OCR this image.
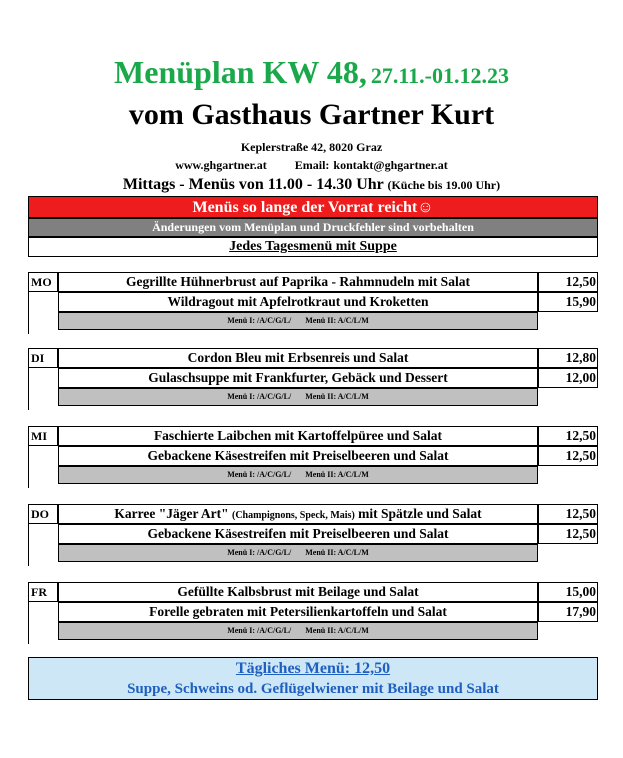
Menüplan KW 48, 27.11.-01.12.23
vom Gasthaus Gartner Kurt
Keplerstraße 42, 8020 Graz
www.ghgartner.at Email: kontakt@ghgartner.at
Mittags - Menüs von 11.00 - 14.30 Uhr (Küche bis 19.00 Uhr)
Menüs so lange der Vorrat reicht☺
Änderungen vom Menüplan und Druckfehler sind vorbehalten
Jedes Tagesmenü mit Suppe
MO	Gegrillte Hühnerbrust auf Paprika - Rahmnudeln mit Salat	12,50
Wildragout mit Apfelrotkraut und Kroketten	15,90
Menü I: /A/C/G/L/ Menü II: A/C/L/M
DI	Cordon Bleu mit Erbsenreis und Salat	12,80
Gulaschsuppe mit Frankfurter, Gebäck und Dessert	12,00
Menü I: /A/C/G/L/ Menü II: A/C/L/M
MI	Faschierte Laibchen mit Kartoffelpüree und Salat	12,50
Gebackene Käsestreifen mit Preiselbeeren und Salat	12,50
Menü I: /A/C/G/L/ Menü II: A/C/L/M
DO	Karree "Jäger Art" (Champignons, Speck, Mais) mit Spätzle und Salat	12,50
Gebackene Käsestreifen mit Preiselbeeren und Salat	12,50
Menü I: /A/C/G/L/ Menü II: A/C/L/M
FR	Gefüllte Kalbsbrust mit Beilage und Salat	15,00
Forelle gebraten mit Petersilienkartoffeln und Salat	17,90
Menü I: /A/C/G/L/ Menü II: A/C/L/M
Tägliches Menü: 12,50
Suppe, Schweins od. Geflügelwiener mit Beilage und Salat
